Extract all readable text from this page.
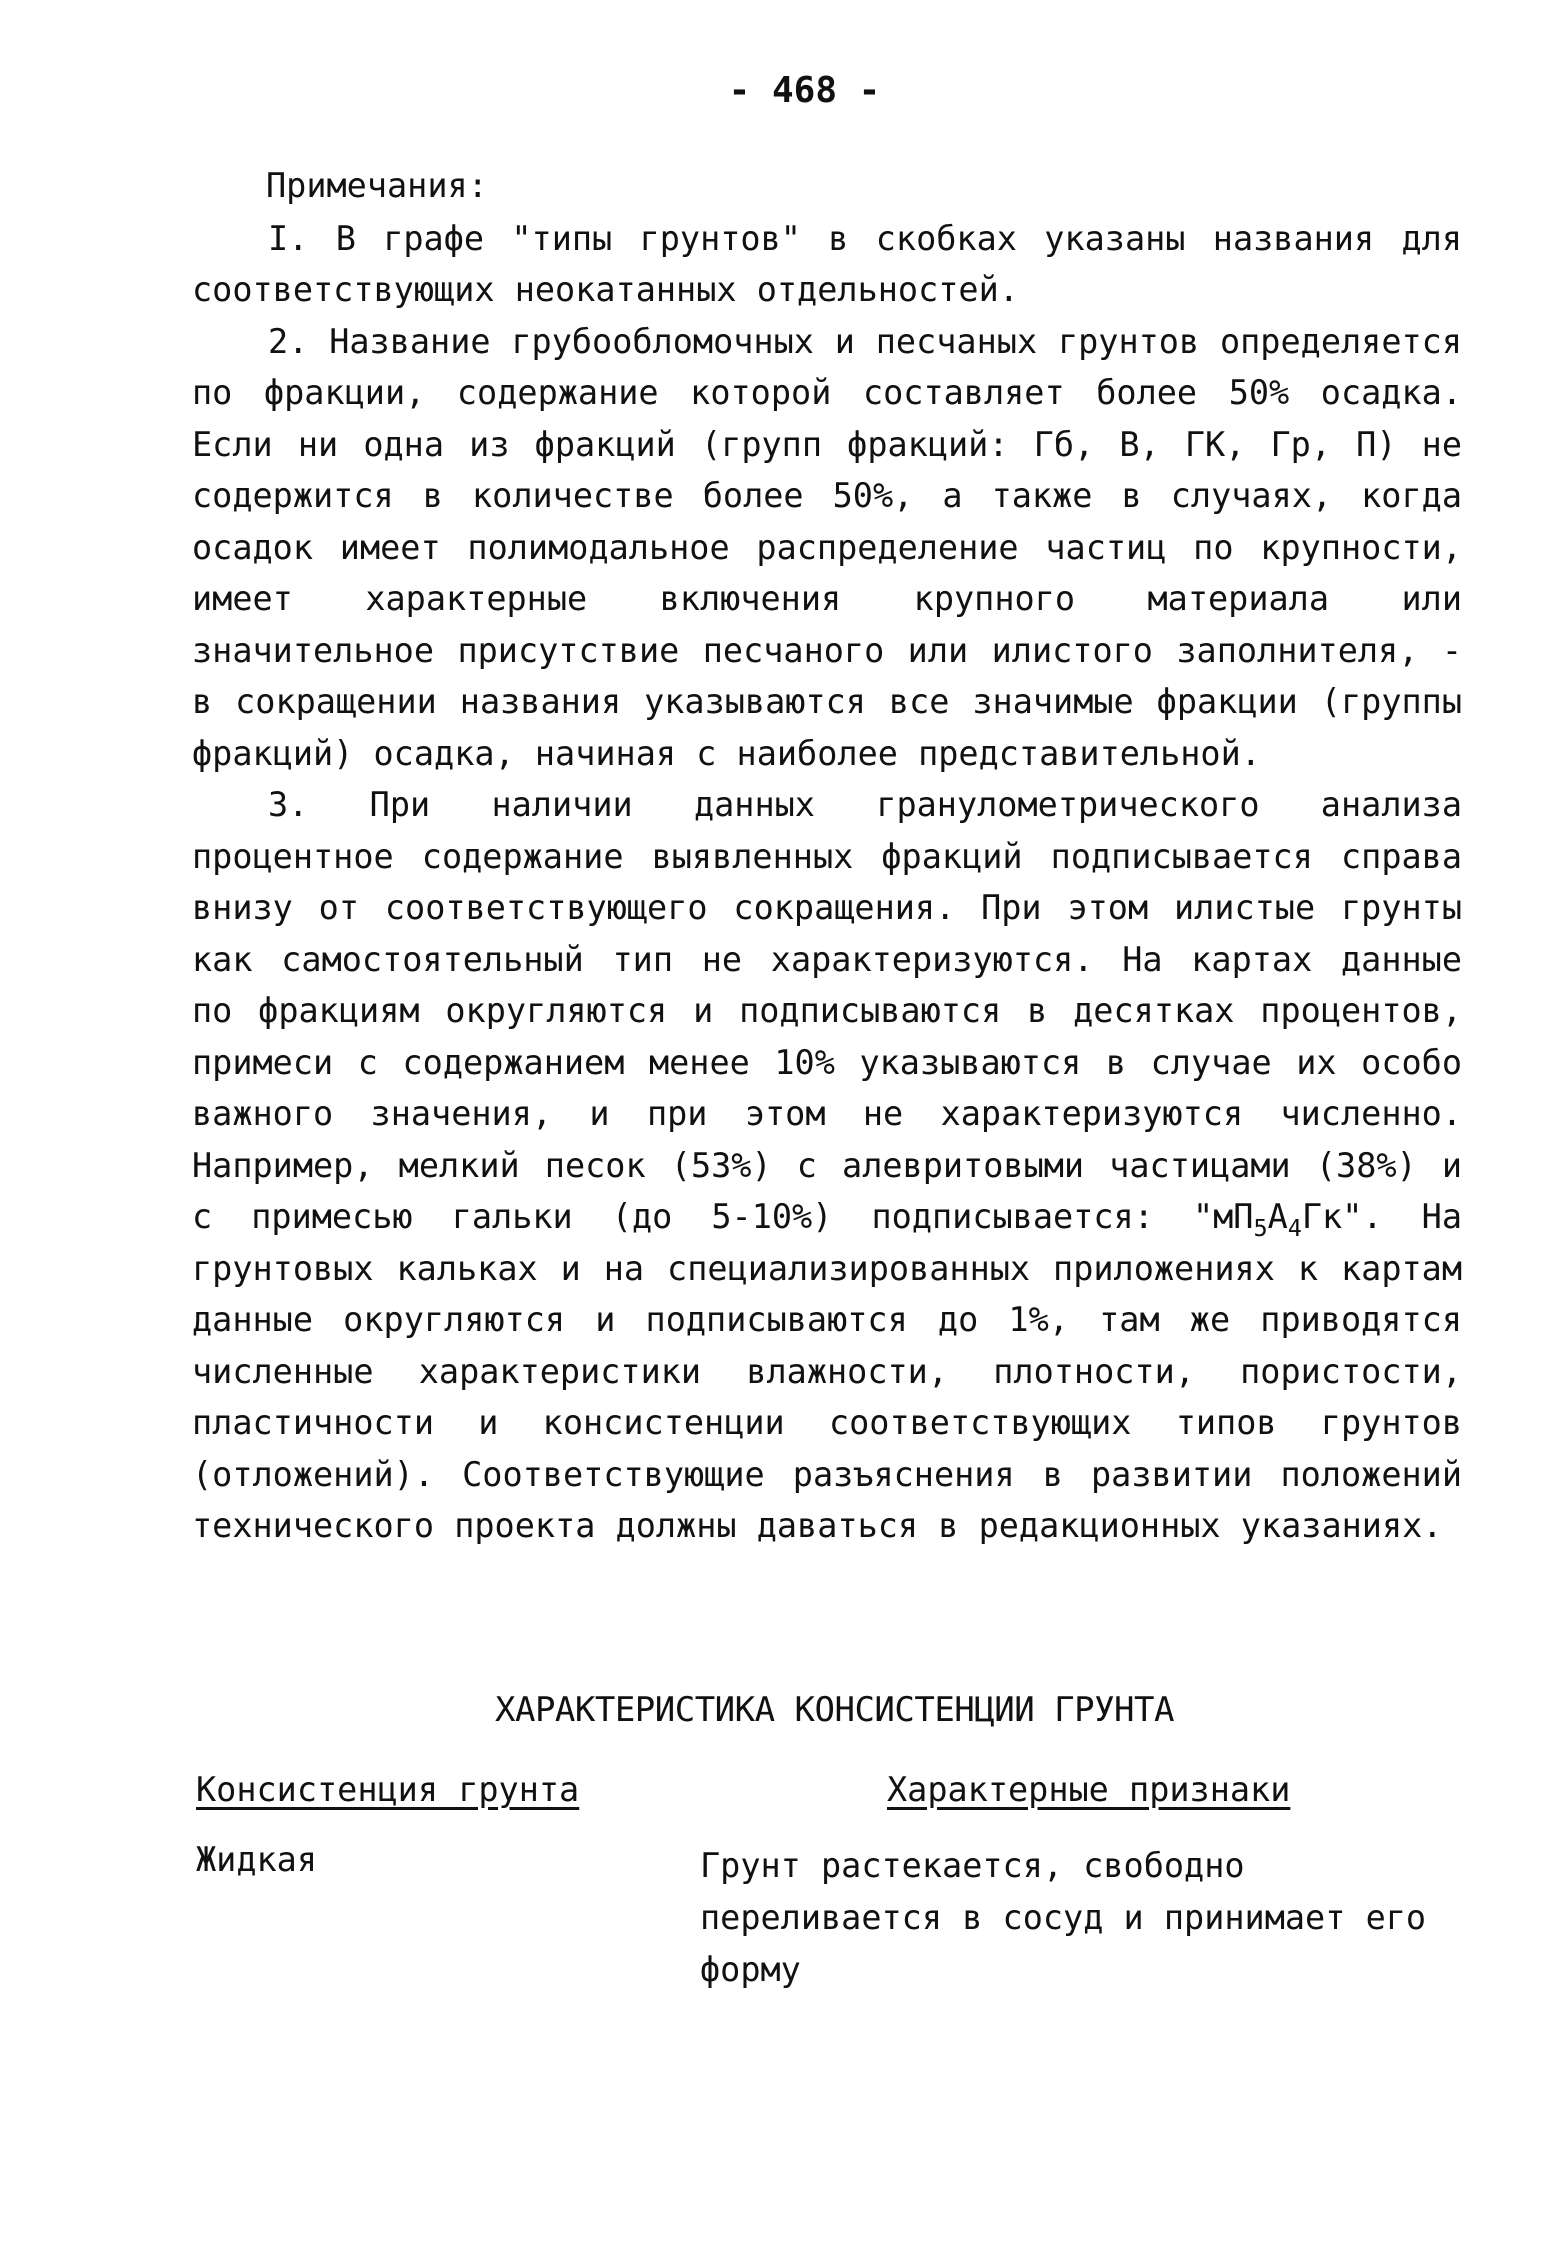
- 468 -
Примечания:

I. В графе "типы грунтов" в скобках указаны названия для соответствующих неокатанных отдельностей.

2. Название грубообломочных и песчаных грунтов определяется по фракции, содержание которой составляет более 50% осадка. Если ни одна из фракций (групп фракций: Гб, В, ГК, Гр, П) не содержится в количестве более 50%, а также в случаях, когда осадок имеет полимодальное распределение частиц по крупности, имеет характерные включения крупного материала или значительное присутствие песчаного или илистого заполнителя, - в сокращении названия указываются все значимые фракции (группы фракций) осадка, начиная с наиболее представительной.

3. При наличии данных гранулометрического анализа процентное содержание выявленных фракций подписывается справа внизу от соответствующего сокращения. При этом илистые грунты как самостоятельный тип не характеризуются. На картах данные по фракциям округляются и подписываются в десятках процентов, примеси с содержанием менее 10% указываются в случае их особо важного значения, и при этом не характеризуются численно. Например, мелкий песок (53%) с алевритовыми частицами (38%) и с примесью гальки (до 5-10%) подписывается: "$мП_5А_4Гк$". На грунтовых кальках и на специализированных приложениях к картам данные округляются и подписываются до 1%, там же приводятся численные характеристики влажности, плотности, пористости, пластичности и консистенции соответствующих типов грунтов (отложений). Соответствующие разъяснения в развитии положений технического проекта должны даваться в редакционных указаниях.

ХАРАКТЕРИСТИКА КОНСИСТЕНЦИИ ГРУНТА
Консистенция грунта	Характерные признаки
Жидкая	Грунт растекается, свободно переливается в сосуд и принимает его форму
